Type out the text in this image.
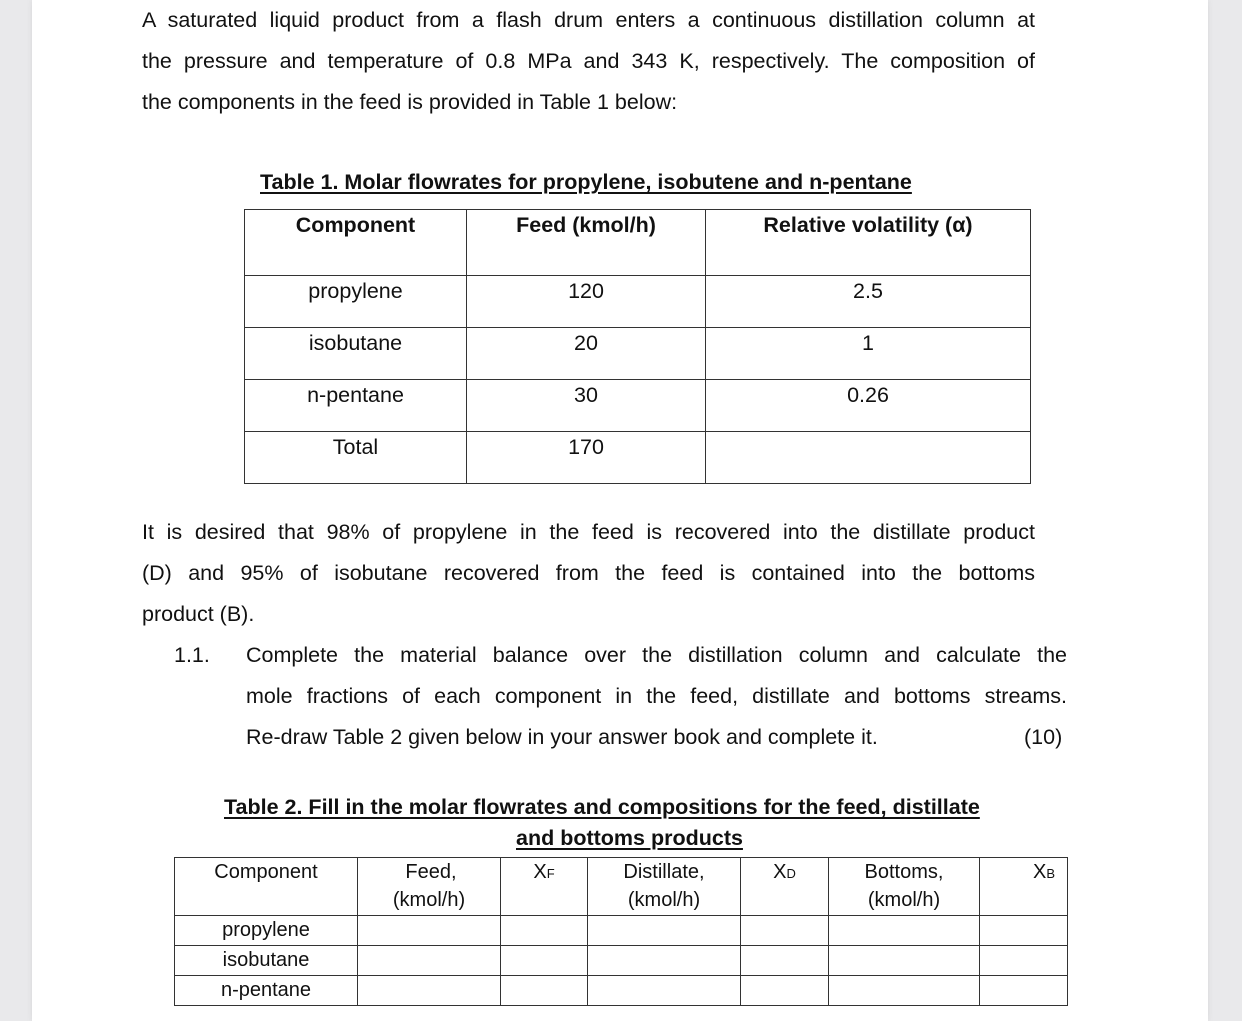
A saturated liquid product from a flash drum enters a continuous distillation column at
the pressure and temperature of 0.8 MPa and 343 K, respectively. The composition of
the components in the feed is provided in Table 1 below:
Table 1. Molar flowrates for propylene, isobutene and n-pentane
Component	Feed (kmol/h)	Relative volatility (α)
propylene	120	2.5
isobutane	20	1
n-pentane	30	0.26
Total	170	
It is desired that 98% of propylene in the feed is recovered into the distillate product
(D) and 95% of isobutane recovered from the feed is contained into the bottoms
product (B).
1.1. Complete the material balance over the distillation column and calculate the
mole fractions of each component in the feed, distillate and bottoms streams.
Re-draw Table 2 given below in your answer book and complete it.	(10)
Table 2. Fill in the molar flowrates and compositions for the feed, distillate
and bottoms products
Component	Feed,
(kmol/h)	XF	Distillate,
(kmol/h)	XD	Bottoms,
(kmol/h)	XB
propylene						
isobutane						
n-pentane						
